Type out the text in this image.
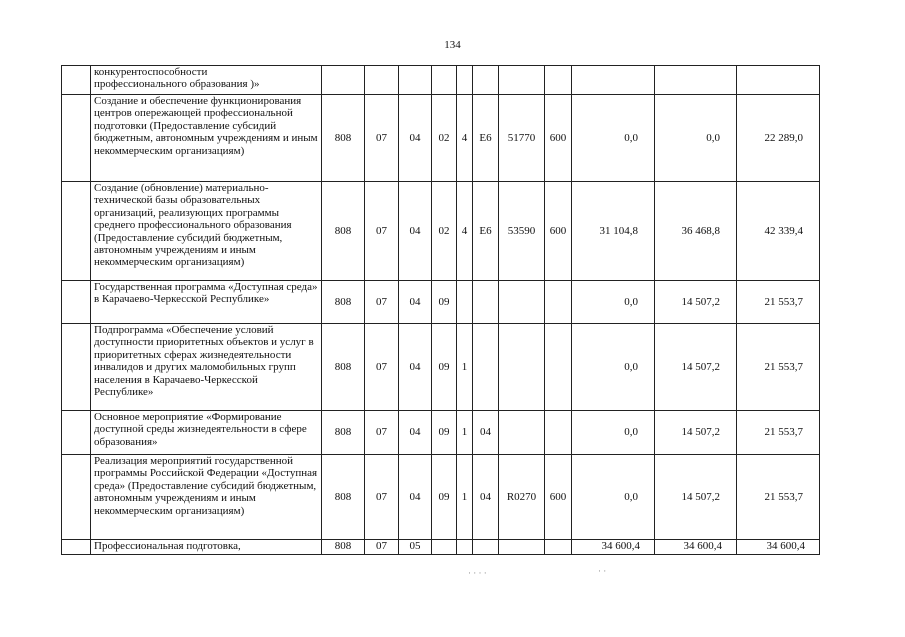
134
	конкурентоспособности
профессионального образования )»											
	Создание и обеспечение функционирования центров опережающей профессиональной подготовки (Предоставление субсидий бюджетным, автономным учреждениям и иным некоммерческим организациям)	808	07	04	02	4	E6	51770	600	0,0	0,0	22 289,0
	Создание (обновление) материально-технической базы образовательных организаций, реализующих программы среднего профессионального образования (Предоставление субсидий бюджетным, автономным учреждениям и иным некоммерческим организациям)	808	07	04	02	4	E6	53590	600	31 104,8	36 468,8	42 339,4
	Государственная программа «Доступная среда» в Карачаево-Черкесской Республике»	808	07	04	09					0,0	14 507,2	21 553,7
	Подпрограмма «Обеспечение условий доступности приоритетных объектов и услуг в приоритетных сферах жизнедеятельности инвалидов и других маломобильных групп населения в Карачаево-Черкесской Республике»	808	07	04	09	1				0,0	14 507,2	21 553,7
	Основное мероприятие «Формирование доступной среды жизнедеятельности в сфере образования»	808	07	04	09	1	04			0,0	14 507,2	21 553,7
	Реализация мероприятий государственной программы Российской Федерации «Доступная среда» (Предоставление субсидий бюджетным, автономным учреждениям и иным некоммерческим организациям)	808	07	04	09	1	04	R0270	600	0,0	14 507,2	21 553,7
	Профессиональная подготовка,	808	07	05						34 600,4	34 600,4	34 600,4
· · · ·	· ·
